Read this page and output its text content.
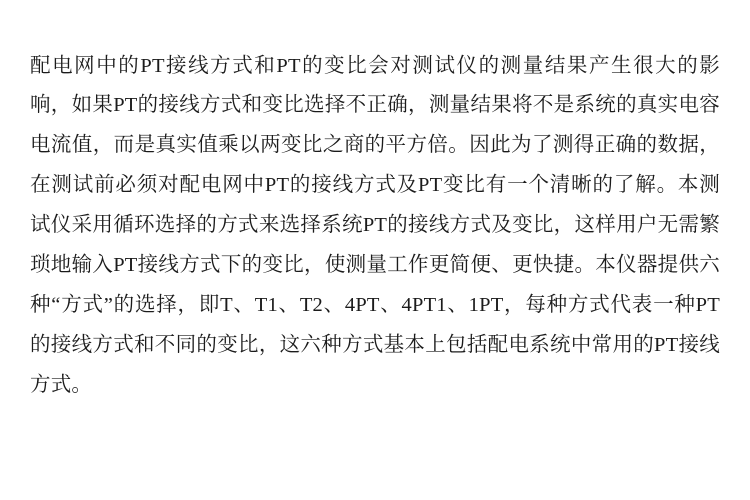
配电网中的PT接线方式和PT的变比会对测试仪的测量结果产生很大的影响，如果PT的接线方式和变比选择不正确，测量结果将不是系统的真实电容电流值，而是真实值乘以两变比之商的平方倍。因此为了测得正确的数据，在测试前必须对配电网中PT的接线方式及PT变比有一个清晰的了解。本测试仪采用循环选择的方式来选择系统PT的接线方式及变比，这样用户无需繁琐地输入PT接线方式下的变比，使测量工作更简便、更快捷。本仪器提供六种“方式”的选择，即T、T1、T2、4PT、4PT1、1PT，每种方式代表一种PT的接线方式和不同的变比，这六种方式基本上包括配电系统中常用的PT接线方式。
